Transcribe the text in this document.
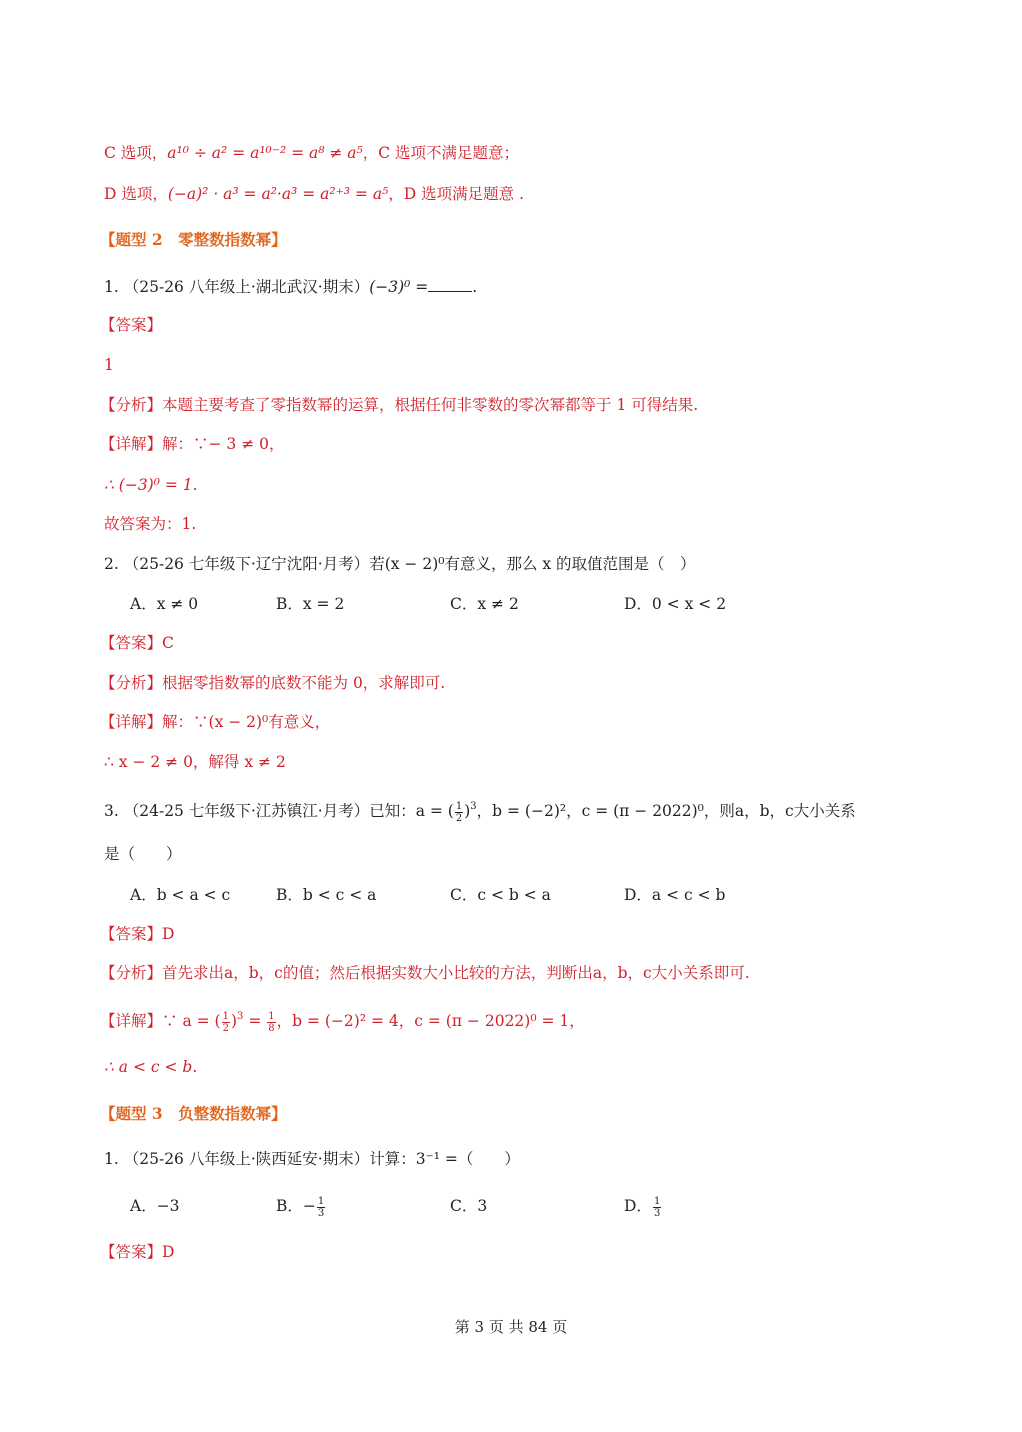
C 选项，a¹⁰ ÷ a² = a¹⁰⁻² = a⁸ ≠ a⁵，C 选项不满足题意；
D 选项，(−a)² · a³ = a²·a³ = a²⁺³ = a⁵，D 选项满足题意 .
【题型 2　零整数指数幂】
1. （25-26 八年级上·湖北武汉·期末）(−3)⁰ =	.
【答案】
1
【分析】本题主要考查了零指数幂的运算，根据任何非零数的零次幂都等于 1 可得结果.
【详解】解：∵− 3 ≠ 0，
∴ (−3)⁰ = 1.
故答案为：1.
2. （25-26 七年级下·辽宁沈阳·月考）若(x − 2)⁰有意义，那么 x 的取值范围是（　）
A．x ≠ 0	B．x = 2	C．x ≠ 2	D．0 < x < 2
【答案】C
【分析】根据零指数幂的底数不能为 0，求解即可.
【详解】解：∵(x − 2)⁰有意义，
∴ x − 2 ≠ 0，解得 x ≠ 2
3. （24-25 七年级下·江苏镇江·月考）已知：a = ( $\frac{1}{2} )^3$，b = (−2)²，c = (π − 2022)⁰，则a，b，c大小关系
是（　　）
A．b < a < c	B．b < c < a	C．c < b < a	D．a < c < b
【答案】D
【分析】首先求出a，b，c的值；然后根据实数大小比较的方法，判断出a，b，c大小关系即可.
【详解】∵ a = ( $\frac{1}{2} )^3 = \frac{1}{8}$ ，b = (−2)² = 4，c = (π − 2022)⁰ = 1，
∴ a < c < b.
【题型 3　负整数指数幂】
1. （25-26 八年级上·陕西延安·期末）计算：3⁻¹ =（　　）
A．−3	B．− $\frac{1}{3}$	C．3	D． $\frac{1}{3}$
【答案】D
第 3 页 共 84 页
